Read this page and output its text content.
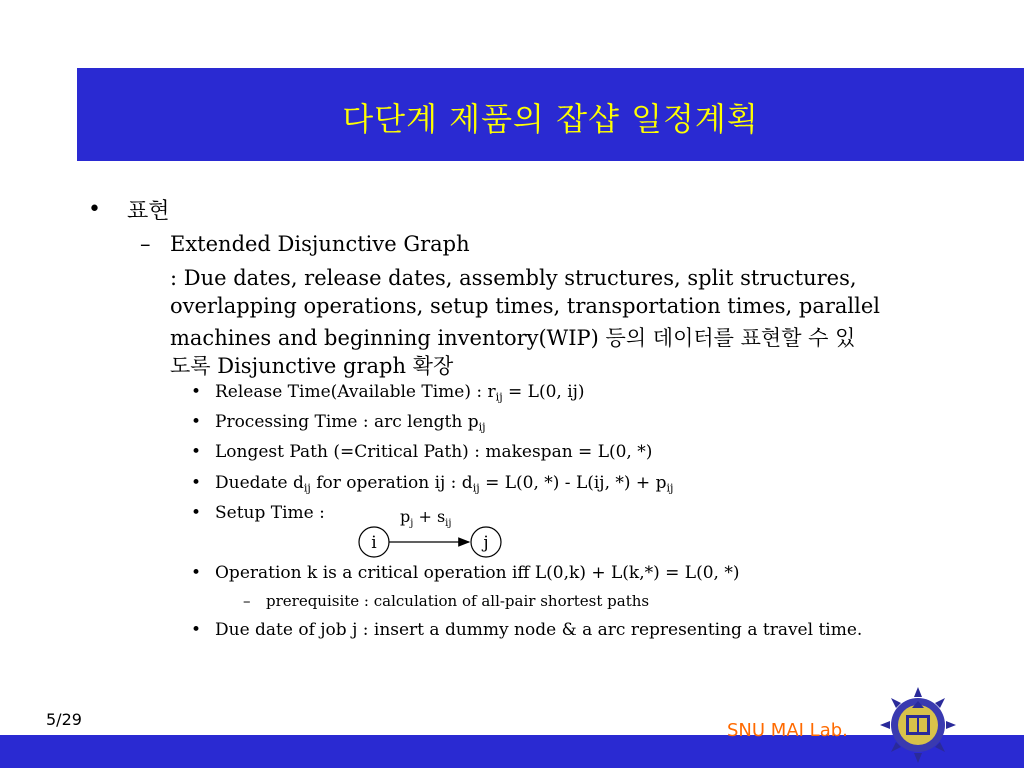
다단계 제품의 잡샵 일정계획
• 표현
– Extended Disjunctive Graph
: Due dates, release dates, assembly structures, split structures,
overlapping operations, setup times, transportation times, parallel
machines and beginning inventory(WIP) 등의 데이터를 표현할 수 있
도록 Disjunctive graph 확장
• Release Time(Available Time) : $r_{ij} = L(0$, ij)
• Processing Time : arc length $p_{ij}$
• Longest Path (=Critical Path) : makespan = L(0, *)
• Duedate $d_{ij}$ for operation ij : $d_{ij} = L(0$, *) - L(ij, *) + $p_{ij}$
• Setup Time :
i	j
$p_j + s_{ij}$
• Operation k is a critical operation iff L(0,k) + L(k,*) = L(0, *)
– prerequisite : calculation of all-pair shortest paths
• Due date of job j : insert a dummy node & a arc representing a travel time.
5/29
SNU MAI Lab.
